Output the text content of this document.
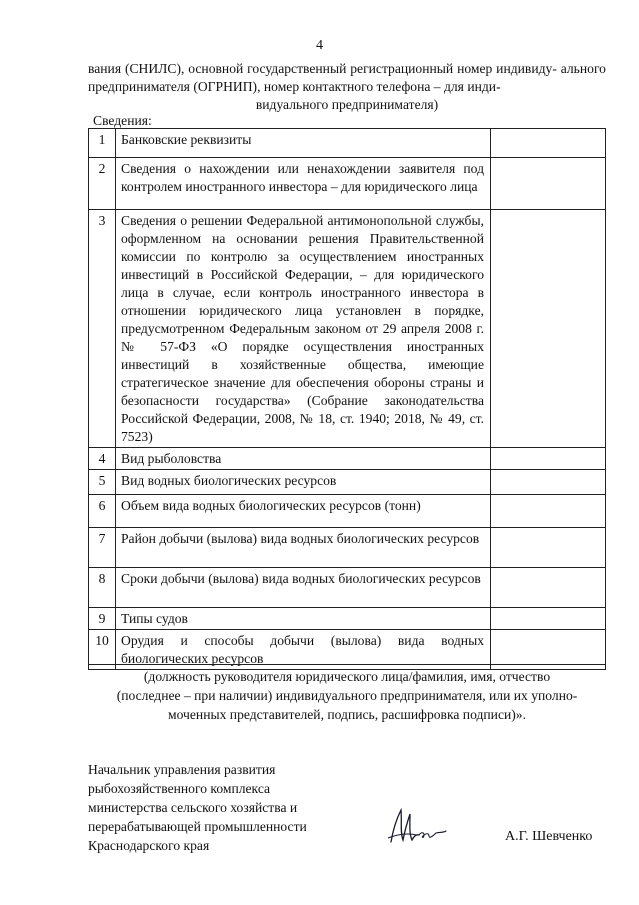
4
вания (СНИЛС), основной государственный регистрационный номер индивиду- ального предпринимателя (ОГРНИП), номер контактного телефона – для инди-
видуального предпринимателя)
Сведения:
1	Банковские реквизиты	
2	Сведения о нахождении или ненахождении заявителя под контролем иностранного инвестора – для юридического лица	
3	Сведения о решении Федеральной антимонопольной службы, оформленном на основании решения Правительственной комиссии по контролю за осуществлением иностранных инвестиций в Российской Федерации, – для юридического лица в случае, если контроль иностранного инвестора в отношении юридического лица установлен в порядке, предусмотренном Федеральным законом от 29 апреля 2008 г. № 57-ФЗ «О порядке осуществления иностранных инвестиций в хозяйственные общества, имеющие стратегическое значение для обеспечения обороны страны и безопасности государства» (Собрание законодательства Российской Федерации, 2008, № 18, ст. 1940; 2018, № 49, ст. 7523)	
4	Вид рыболовства	
5	Вид водных биологических ресурсов	
6	Объем вида водных биологических ресурсов (тонн)	
7	Район добычи (вылова) вида водных биологических ресурсов	
8	Сроки добычи (вылова) вида водных биологических ресурсов	
9	Типы судов	
10	Орудия и способы добычи (вылова) вида водных биологических ресурсов	
(должность руководителя юридического лица/фамилия, имя, отчество
(последнее – при наличии) индивидуального предпринимателя, или их уполно-
моченных представителей, подпись, расшифровка подписи)».
Начальник управления развития
рыбохозяйственного комплекса
министерства сельского хозяйства и
перерабатывающей промышленности
Краснодарского края
А.Г. Шевченко
